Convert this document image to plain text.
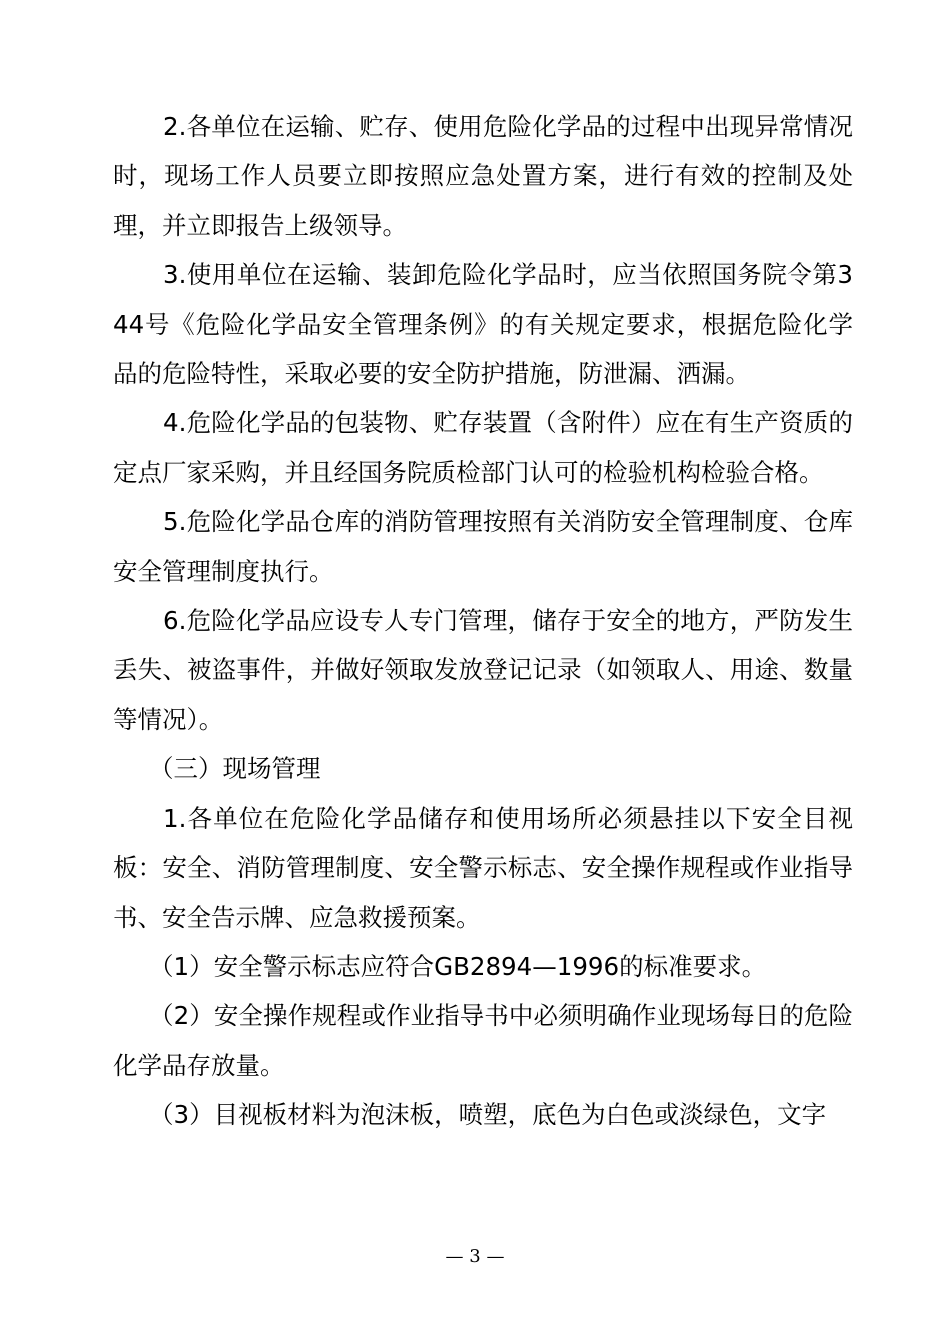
2.各单位在运输、贮存、使用危险化学品的过程中出现异常情况时，现场工作人员要立即按照应急处置方案，进行有效的控制及处理，并立即报告上级领导。

3.使用单位在运输、装卸危险化学品时，应当依照国务院令第344号《危险化学品安全管理条例》的有关规定要求，根据危险化学品的危险特性，采取必要的安全防护措施，防泄漏、洒漏。

4.危险化学品的包装物、贮存装置（含附件）应在有生产资质的定点厂家采购，并且经国务院质检部门认可的检验机构检验合格。

5.危险化学品仓库的消防管理按照有关消防安全管理制度、仓库安全管理制度执行。

6.危险化学品应设专人专门管理，储存于安全的地方，严防发生丢失、被盗事件，并做好领取发放登记记录（如领取人、用途、数量等情况）。

（三）现场管理

1.各单位在危险化学品储存和使用场所必须悬挂以下安全目视板：安全、消防管理制度、安全警示标志、安全操作规程或作业指导书、安全告示牌、应急救援预案。

（1）安全警示标志应符合GB2894—1996的标准要求。

（2）安全操作规程或作业指导书中必须明确作业现场每日的危险化学品存放量。

（3）目视板材料为泡沫板，喷塑，底色为白色或淡绿色，文字

— 3 —
